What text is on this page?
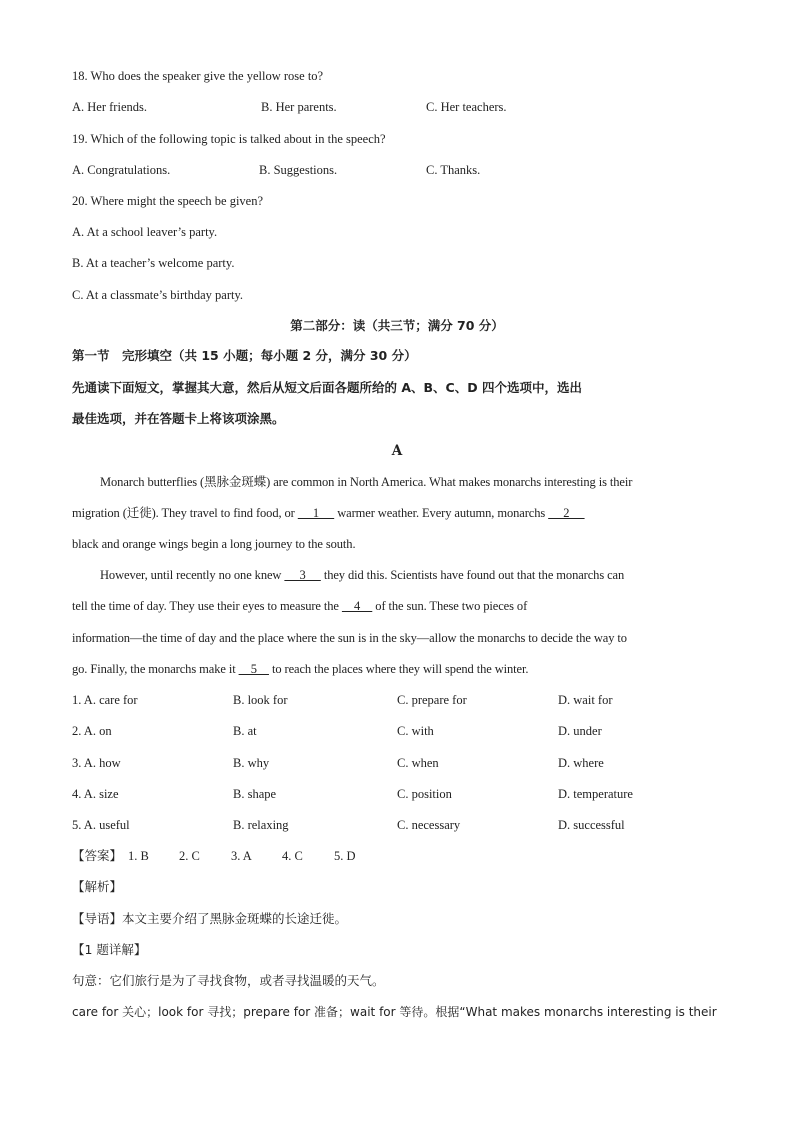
18. Who does the speaker give the yellow rose to?
A. Her friends.	B. Her parents.	C. Her teachers.
19. Which of the following topic is talked about in the speech?
A. Congratulations.	B. Suggestions.	C. Thanks.
20. Where might the speech be given?
A. At a school leaver’s party.
B. At a teacher’s welcome party.
C. At a classmate’s birthday party.
第二部分：读（共三节；满分 70 分）
第一节　完形填空（共 15 小题；每小题 2 分，满分 30 分）
先通读下面短文，掌握其大意，然后从短文后面各题所给的 A、B、C、D 四个选项中，选出
最佳选项，并在答题卡上将该项涂黑。
A
Monarch butterflies (黑脉金斑蝶) are common in North America. What makes monarchs interesting is their
migration (迁徙). They travel to find food, or      1      warmer weather. Every autumn, monarchs      2
black and orange wings begin a long journey to the south.
However, until recently no one knew      3      they did this. Scientists have found out that the monarchs can
tell the time of day. They use their eyes to measure the     4     of the sun. These two pieces of
information—the time of day and the place where the sun is in the sky—allow the monarchs to decide the way to
go. Finally, the monarchs make it     5     to reach the places where they will spend the winter.
1. A. care for	B. look for	C. prepare for	D. wait for
2. A. on	B. at	C. with	D. under
3. A. how	B. why	C. when	D. where
4. A. size	B. shape	C. position	D. temperature
5. A. useful	B. relaxing	C. necessary	D. successful
【答案】 1. B 2. C 3. A 4. C 5. D
【解析】
【导语】本文主要介绍了黑脉金斑蝶的长途迁徙。
【1 题详解】
句意：它们旅行是为了寻找食物，或者寻找温暖的天气。
care for 关心；look for 寻找；prepare for 准备；wait for 等待。根据“What makes monarchs interesting is their
